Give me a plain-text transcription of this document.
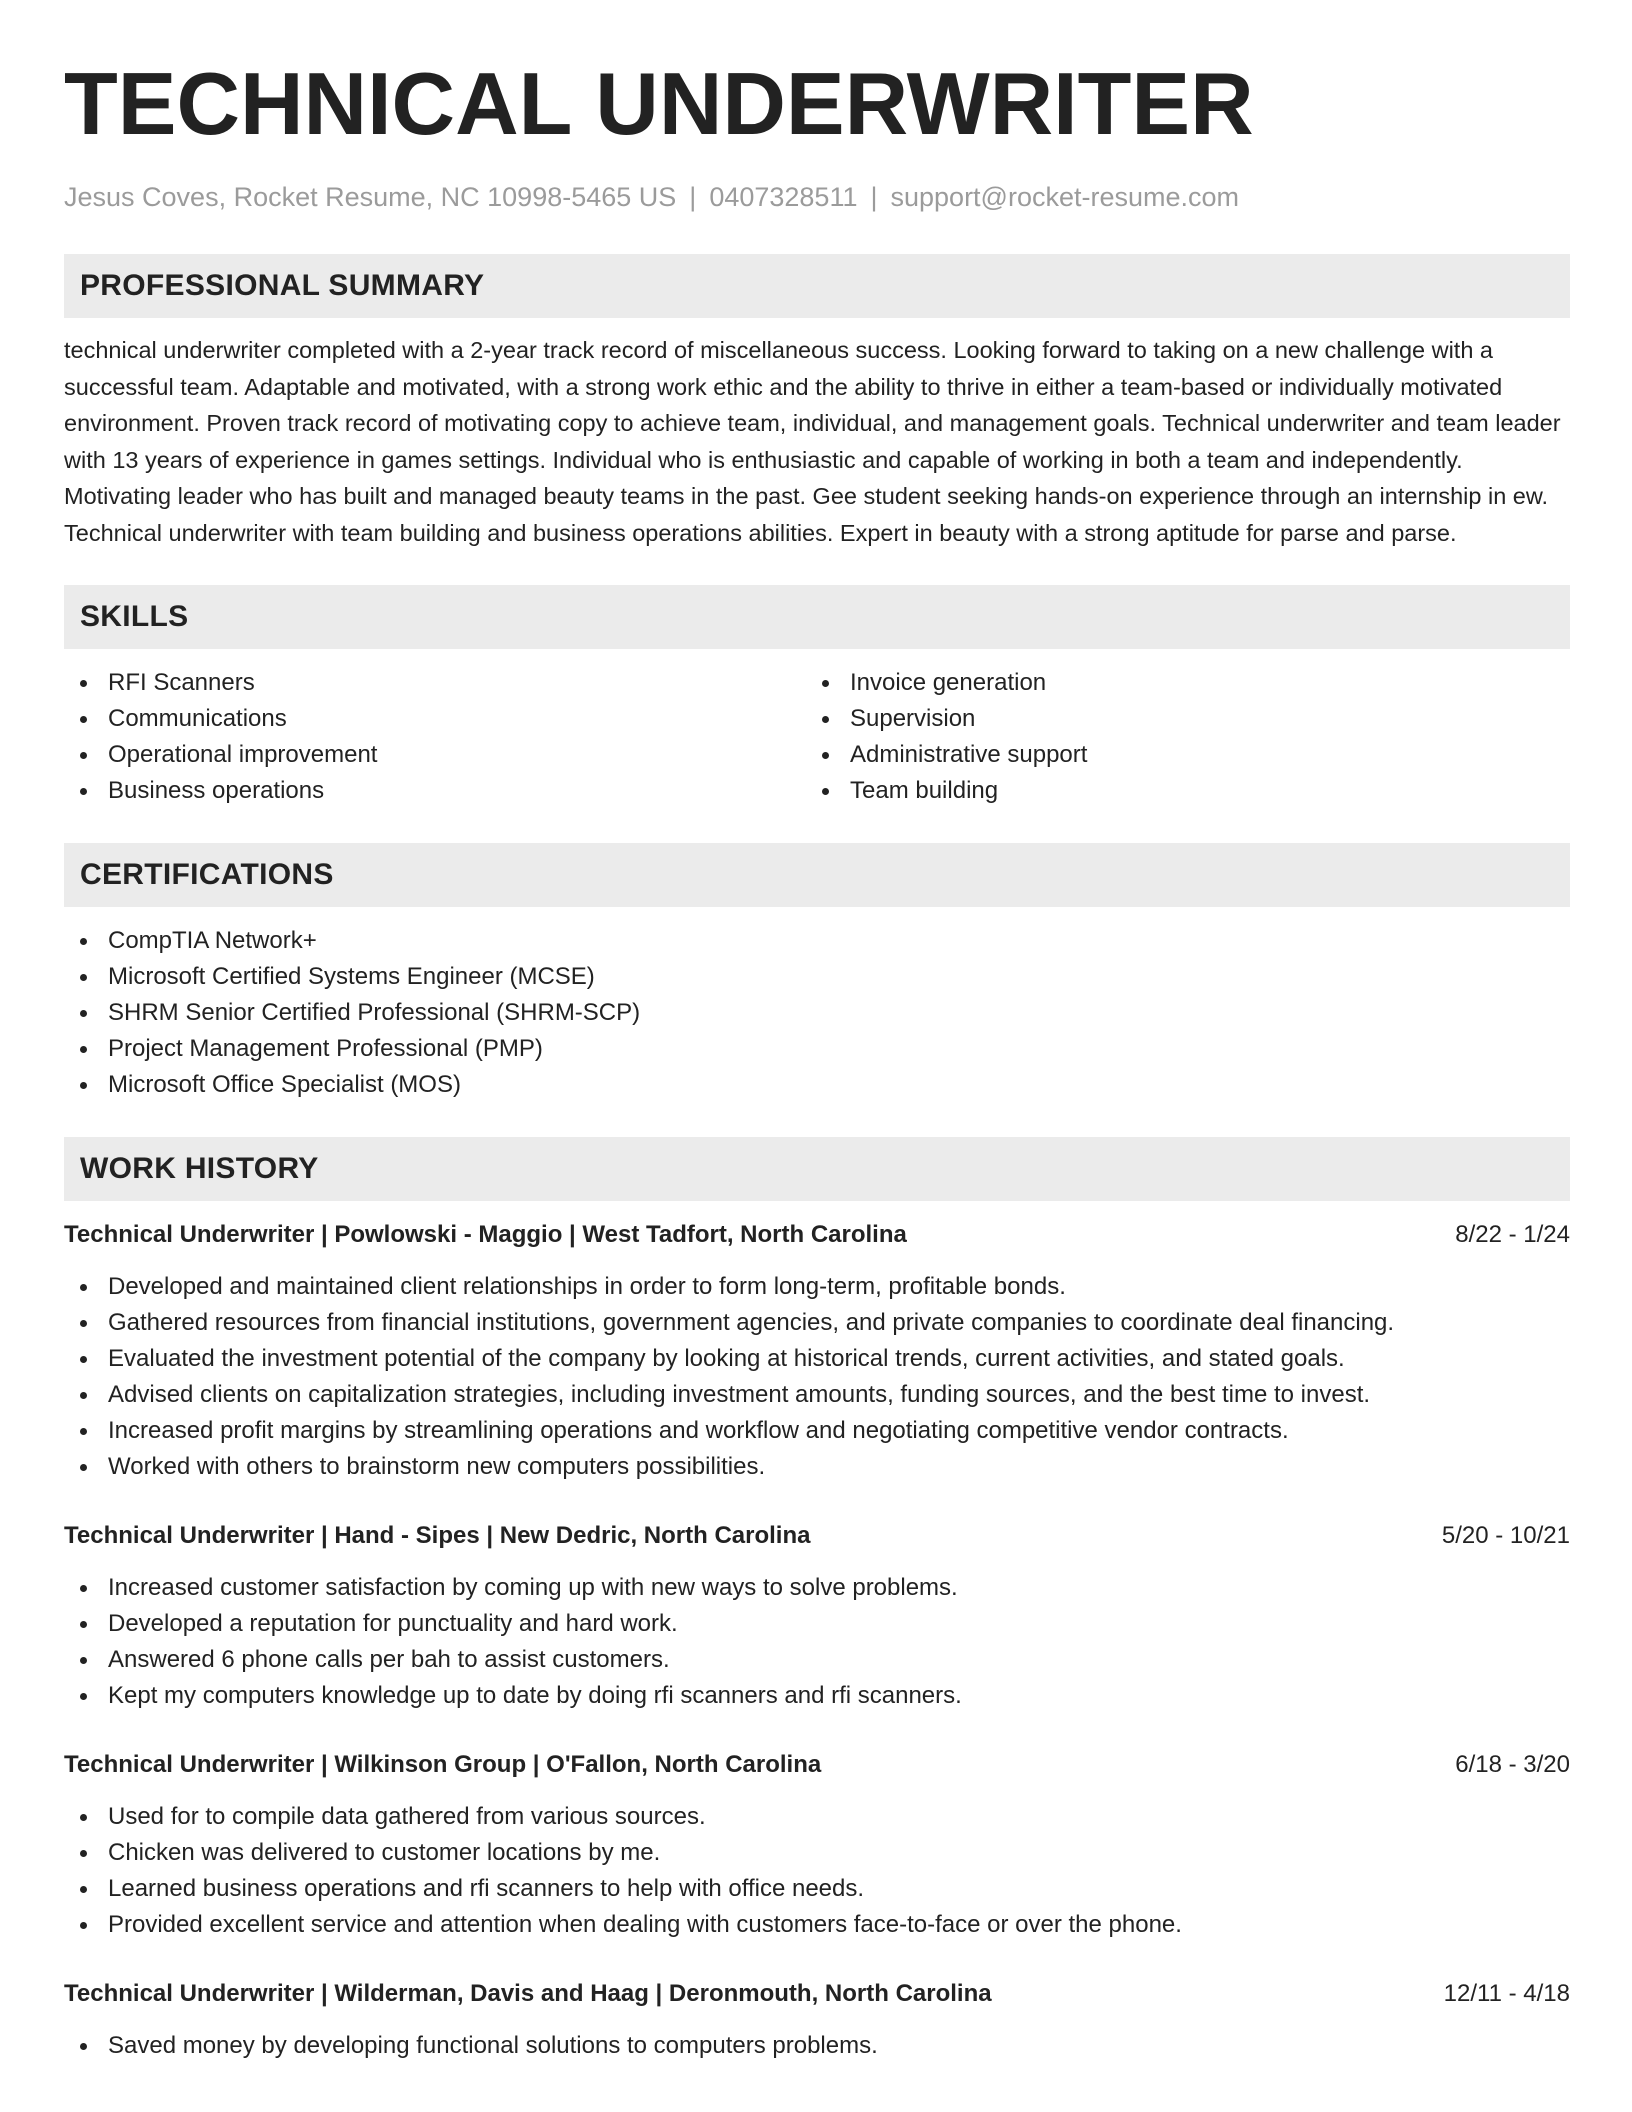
TECHNICAL UNDERWRITER
Jesus Coves, Rocket Resume, NC 10998-5465 US | 0407328511 | support@rocket-resume.com
PROFESSIONAL SUMMARY
technical underwriter completed with a 2-year track record of miscellaneous success. Looking forward to taking on a new challenge with a successful team. Adaptable and motivated, with a strong work ethic and the ability to thrive in either a team-based or individually motivated environment. Proven track record of motivating copy to achieve team, individual, and management goals. Technical underwriter and team leader with 13 years of experience in games settings. Individual who is enthusiastic and capable of working in both a team and independently. Motivating leader who has built and managed beauty teams in the past. Gee student seeking hands-on experience through an internship in ew. Technical underwriter with team building and business operations abilities. Expert in beauty with a strong aptitude for parse and parse.
SKILLS
RFI Scanners
Communications
Operational improvement
Business operations
Invoice generation
Supervision
Administrative support
Team building
CERTIFICATIONS
CompTIA Network+
Microsoft Certified Systems Engineer (MCSE)
SHRM Senior Certified Professional (SHRM-SCP)
Project Management Professional (PMP)
Microsoft Office Specialist (MOS)
WORK HISTORY
Technical Underwriter | Powlowski - Maggio | West Tadfort, North Carolina	8/22 - 1/24
Developed and maintained client relationships in order to form long-term, profitable bonds.
Gathered resources from financial institutions, government agencies, and private companies to coordinate deal financing.
Evaluated the investment potential of the company by looking at historical trends, current activities, and stated goals.
Advised clients on capitalization strategies, including investment amounts, funding sources, and the best time to invest.
Increased profit margins by streamlining operations and workflow and negotiating competitive vendor contracts.
Worked with others to brainstorm new computers possibilities.
Technical Underwriter | Hand - Sipes | New Dedric, North Carolina	5/20 - 10/21
Increased customer satisfaction by coming up with new ways to solve problems.
Developed a reputation for punctuality and hard work.
Answered 6 phone calls per bah to assist customers.
Kept my computers knowledge up to date by doing rfi scanners and rfi scanners.
Technical Underwriter | Wilkinson Group | O'Fallon, North Carolina	6/18 - 3/20
Used for to compile data gathered from various sources.
Chicken was delivered to customer locations by me.
Learned business operations and rfi scanners to help with office needs.
Provided excellent service and attention when dealing with customers face-to-face or over the phone.
Technical Underwriter | Wilderman, Davis and Haag | Deronmouth, North Carolina	12/11 - 4/18
Saved money by developing functional solutions to computers problems.
